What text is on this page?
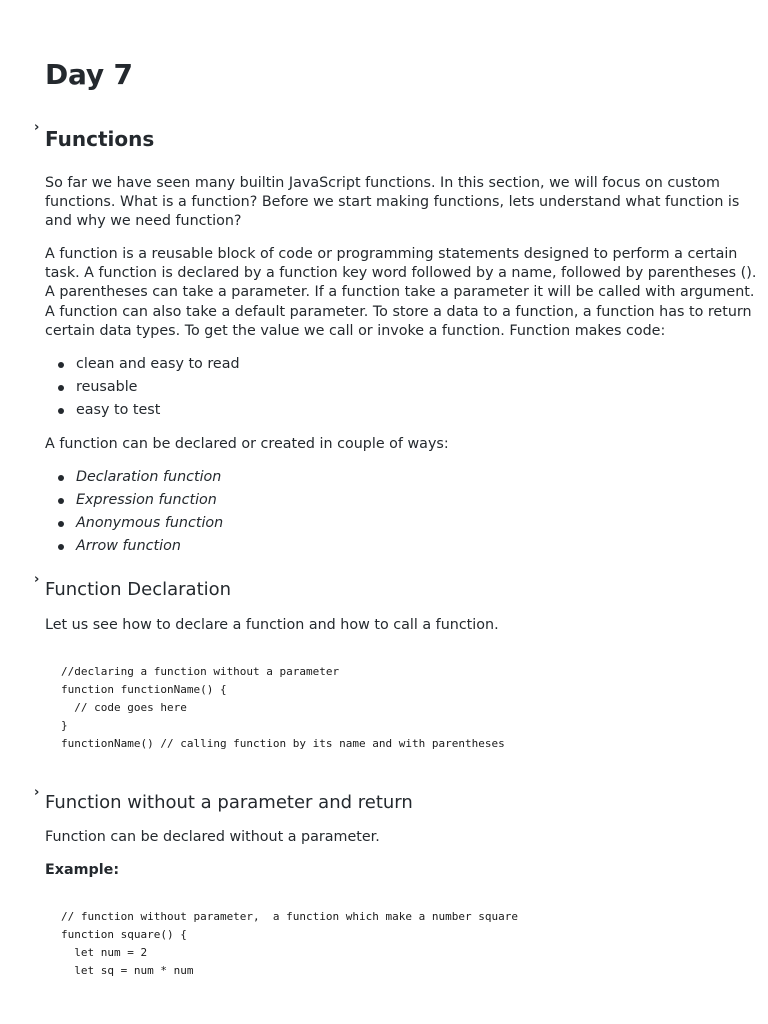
Day 7
› Functions
So far we have seen many builtin JavaScript functions. In this section, we will focus on custom
functions. What is a function? Before we start making functions, lets understand what function is
and why we need function?
A function is a reusable block of code or programming statements designed to perform a certain
task. A function is declared by a function key word followed by a name, followed by parentheses ().
A parentheses can take a parameter. If a function take a parameter it will be called with argument.
A function can also take a default parameter. To store a data to a function, a function has to return
certain data types. To get the value we call or invoke a function. Function makes code:
clean and easy to read
reusable
easy to test
A function can be declared or created in couple of ways:
Declaration function
Expression function
Anonymous function
Arrow function
› Function Declaration
Let us see how to declare a function and how to call a function.
//declaring a function without a parameter
function functionName() {
// code goes here
}
functionName() // calling function by its name and with parentheses
› Function without a parameter and return
Function can be declared without a parameter.
Example:
// function without parameter,  a function which make a number square
function square() {
let num = 2
let sq = num * num
